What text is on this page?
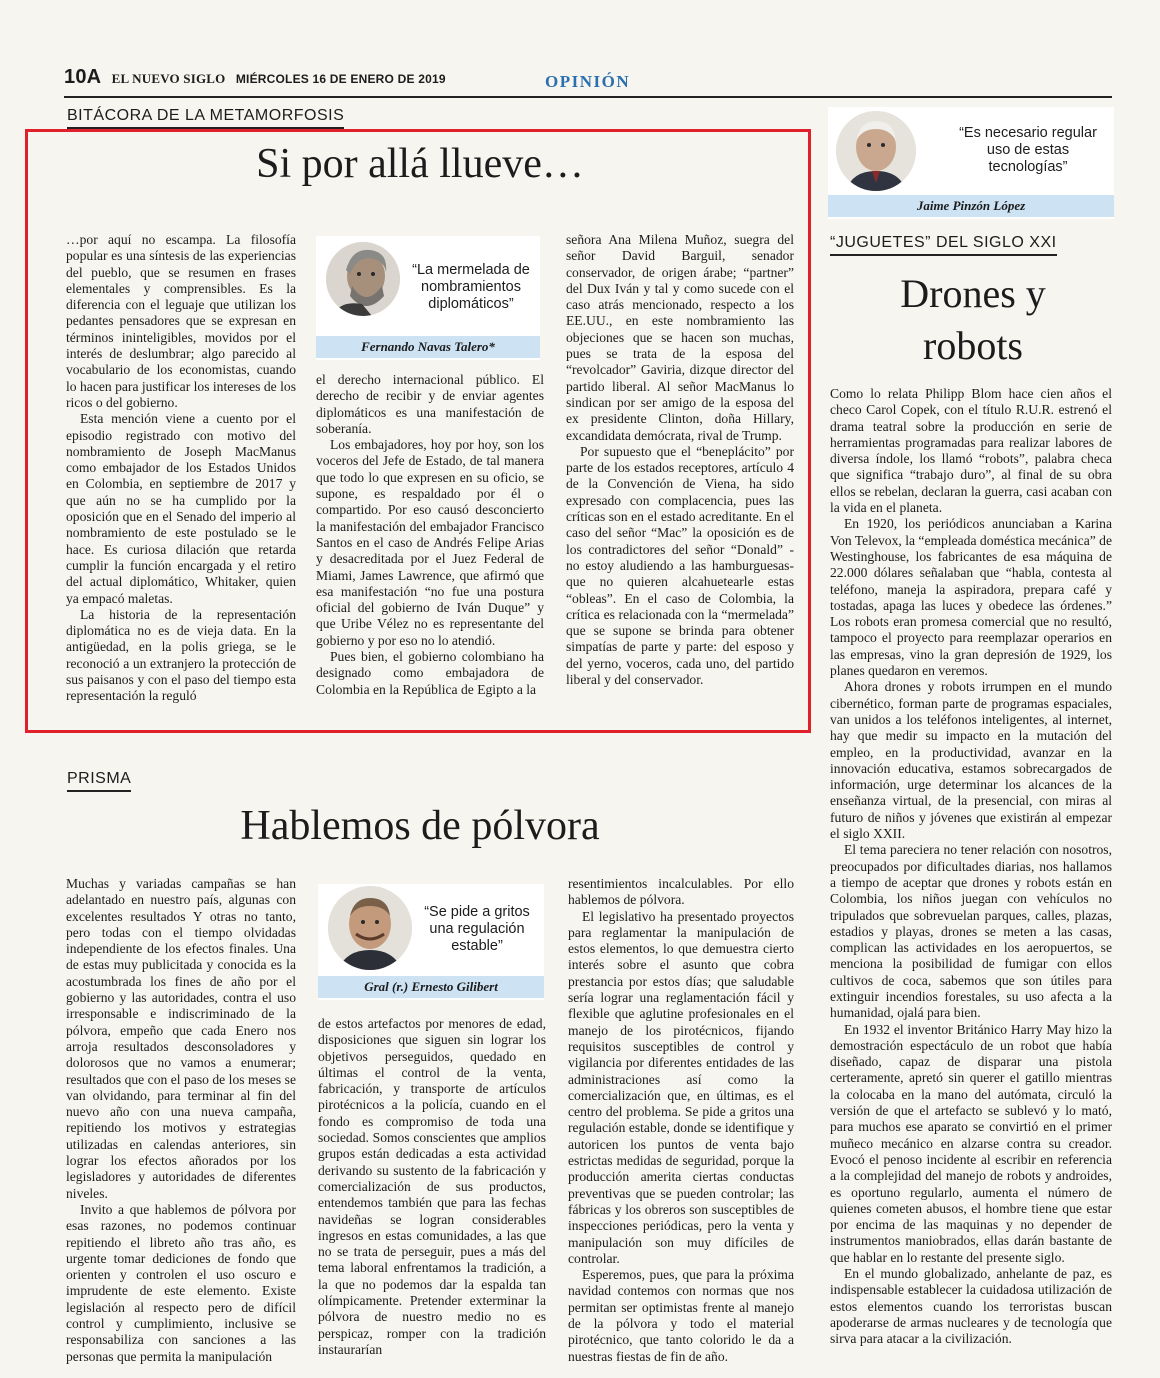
10A EL NUEVO SIGLO MIÉRCOLES 16 DE ENERO DE 2019	OPINIÓN
BITÁCORA DE LA METAMORFOSIS
Si por allá llueve…

…por aquí no escampa. La filosofía popular es una síntesis de las experiencias del pueblo, que se resumen en frases elementales y comprensibles. Es la diferencia con el leguaje que utilizan los pedantes pensadores que se expresan en términos ininteligibles, movidos por el interés de deslumbrar; algo parecido al vocabulario de los economistas, cuando lo hacen para justificar los intereses de los ricos o del gobierno.

Esta mención viene a cuento por el episodio registrado con motivo del nombramiento de Joseph MacManus como embajador de los Estados Unidos en Colombia, en septiembre de 2017 y que aún no se ha cumplido por la oposición que en el Senado del imperio al nombramiento de este postulado se le hace. Es curiosa dilación que retarda cumplir la función encargada y el retiro del actual diplomático, Whitaker, quien ya empacó maletas.

La historia de la representación diplomática no es de vieja data. En la antigüedad, en la polis griega, se le reconoció a un extranjero la protección de sus paisanos y con el paso del tiempo esta representación la reguló

“La mermelada de nombramientos diplomáticos”
Fernando Navas Talero*

el derecho internacional público. El derecho de recibir y de enviar agentes diplomáticos es una manifestación de soberanía.

Los embajadores, hoy por hoy, son los voceros del Jefe de Estado, de tal manera que todo lo que expresen en su oficio, se supone, es respaldado por él o compartido. Por eso causó desconcierto la manifestación del embajador Francisco Santos en el caso de Andrés Felipe Arias y desacreditada por el Juez Federal de Miami, James Lawrence, que afirmó que esa manifestación “no fue una postura oficial del gobierno de Iván Duque” y que Uribe Vélez no es representante del gobierno y por eso no lo atendió.

Pues bien, el gobierno colombiano ha designado como embajadora de Colombia en la República de Egipto a la

señora Ana Milena Muñoz, suegra del señor David Barguil, senador conservador, de origen árabe; “partner” del Dux Iván y tal y como sucede con el caso atrás mencionado, respecto a los EE.UU., en este nombramiento las objeciones que se hacen son muchas, pues se trata de la esposa del “revolcador” Gaviria, dizque director del partido liberal. Al señor MacManus lo sindican por ser amigo de la esposa del ex presidente Clinton, doña Hillary, excandidata demócrata, rival de Trump.

Por supuesto que el “beneplácito” por parte de los estados receptores, artículo 4 de la Convención de Viena, ha sido expresado con complacencia, pues las críticas son en el estado acreditante. En el caso del señor “Mac” la oposición es de los contradictores del señor “Donald” - no estoy aludiendo a las hamburguesas- que no quieren alcahuetearle estas “obleas”. En el caso de Colombia, la crítica es relacionada con la “mermelada” que se supone se brinda para obtener simpatías de parte y parte: del esposo y del yerno, voceros, cada uno, del partido liberal y del conservador.

“Es necesario regular uso de estas tecnologías”
Jaime Pinzón López
“JUGUETES” DEL SIGLO XXI
Drones y
robots

Como lo relata Philipp Blom hace cien años el checo Carol Copek, con el título R.U.R. estrenó el drama teatral sobre la producción en serie de herramientas programadas para realizar labores de diversa índole, los llamó “robots”, palabra checa que significa “trabajo duro”, al final de su obra ellos se rebelan, declaran la guerra, casi acaban con la vida en el planeta.

En 1920, los periódicos anunciaban a Karina Von Televox, la “empleada doméstica mecánica” de Westinghouse, los fabricantes de esa máquina de 22.000 dólares señalaban que “habla, contesta al teléfono, maneja la aspiradora, prepara café y tostadas, apaga las luces y obedece las órdenes.” Los robots eran promesa comercial que no resultó, tampoco el proyecto para reemplazar operarios en las empresas, vino la gran depresión de 1929, los planes quedaron en veremos.

Ahora drones y robots irrumpen en el mundo cibernético, forman parte de programas espaciales, van unidos a los teléfonos inteligentes, al internet, hay que medir su impacto en la mutación del empleo, en la productividad, avanzar en la innovación educativa, estamos sobrecargados de información, urge determinar los alcances de la enseñanza virtual, de la presencial, con miras al futuro de niños y jóvenes que existirán al empezar el siglo XXII.

El tema pareciera no tener relación con nosotros, preocupados por dificultades diarias, nos hallamos a tiempo de aceptar que drones y robots están en Colombia, los niños juegan con vehículos no tripulados que sobrevuelan parques, calles, plazas, estadios y playas, drones se meten a las casas, complican las actividades en los aeropuertos, se menciona la posibilidad de fumigar con ellos cultivos de coca, sabemos que son útiles para extinguir incendios forestales, su uso afecta a la humanidad, ojalá para bien.

En 1932 el inventor Británico Harry May hizo la demostración espectáculo de un robot que había diseñado, capaz de disparar una pistola certeramente, apretó sin querer el gatillo mientras la colocaba en la mano del autómata, circuló la versión de que el artefacto se sublevó y lo mató, para muchos ese aparato se convirtió en el primer muñeco mecánico en alzarse contra su creador. Evocó el penoso incidente al escribir en referencia a la complejidad del manejo de robots y androides, es oportuno regularlo, aumenta el número de quienes cometen abusos, el hombre tiene que estar por encima de las maquinas y no depender de instrumentos maniobrados, ellas darán bastante de que hablar en lo restante del presente siglo.

En el mundo globalizado, anhelante de paz, es indispensable establecer la cuidadosa utilización de estos elementos cuando los terroristas buscan apoderarse de armas nucleares y de tecnología que sirva para atacar a la civilización.

PRISMA
Hablemos de pólvora

Muchas y variadas campañas se han adelantado en nuestro país, algunas con excelentes resultados Y otras no tanto, pero todas con el tiempo olvidadas independiente de los efectos finales. Una de estas muy publicitada y conocida es la acostumbrada los fines de año por el gobierno y las autoridades, contra el uso irresponsable e indiscriminado de la pólvora, empeño que cada Enero nos arroja resultados desconsoladores y dolorosos que no vamos a enumerar; resultados que con el paso de los meses se van olvidando, para terminar al fin del nuevo año con una nueva campaña, repitiendo los motivos y estrategias utilizadas en calendas anteriores, sin lograr los efectos añorados por los legisladores y autoridades de diferentes niveles.

Invito a que hablemos de pólvora por esas razones, no podemos continuar repitiendo el libreto año tras año, es urgente tomar dediciones de fondo que orienten y controlen el uso oscuro e imprudente de este elemento. Existe legislación al respecto pero de difícil control y cumplimiento, inclusive se responsabiliza con sanciones a las personas que permita la manipulación

“Se pide a gritos una regulación estable”
Gral (r.) Ernesto Gilibert

de estos artefactos por menores de edad, disposiciones que siguen sin lograr los objetivos perseguidos, quedado en últimas el control de la venta, fabricación, y transporte de artículos pirotécnicos a la policía, cuando en el fondo es compromiso de toda una sociedad. Somos conscientes que amplios grupos están dedicadas a esta actividad derivando su sustento de la fabricación y comercialización de sus productos, entendemos también que para las fechas navideñas se logran considerables ingresos en estas comunidades, a las que no se trata de perseguir, pues a más del tema laboral enfrentamos la tradición, a la que no podemos dar la espalda tan olímpicamente. Pretender exterminar la pólvora de nuestro medio no es perspicaz, romper con la tradición instaurarían

resentimientos incalculables. Por ello hablemos de pólvora.

El legislativo ha presentado proyectos para reglamentar la manipulación de estos elementos, lo que demuestra cierto interés sobre el asunto que cobra prestancia por estos días; que saludable sería lograr una reglamentación fácil y flexible que aglutine profesionales en el manejo de los pirotécnicos, fijando requisitos susceptibles de control y vigilancia por diferentes entidades de las administraciones así como la comercialización que, en últimas, es el centro del problema. Se pide a gritos una regulación estable, donde se identifique y autoricen los puntos de venta bajo estrictas medidas de seguridad, porque la producción amerita ciertas conductas preventivas que se pueden controlar; las fábricas y los obreros son susceptibles de inspecciones periódicas, pero la venta y manipulación son muy difíciles de controlar.

Esperemos, pues, que para la próxima navidad contemos con normas que nos permitan ser optimistas frente al manejo de la pólvora y todo el material pirotécnico, que tanto colorido le da a nuestras fiestas de fin de año.
